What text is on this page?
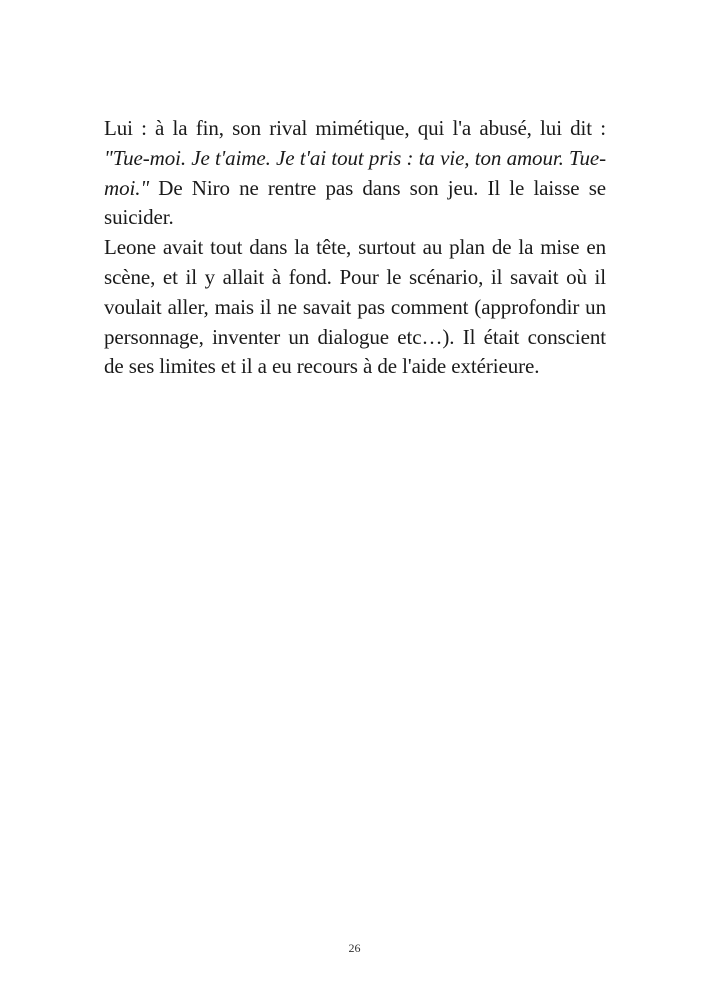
Lui : à la fin, son rival mimétique, qui l'a abusé, lui dit : "Tue-moi. Je t'aime. Je t'ai tout pris : ta vie, ton amour. Tue-moi." De Niro ne rentre pas dans son jeu. Il le laisse se suicider.

Leone avait tout dans la tête, surtout au plan de la mise en scène, et il y allait à fond. Pour le scénario, il savait où il voulait aller, mais il ne savait pas comment (approfondir un personnage, inventer un dialogue etc…). Il était conscient de ses limites et il a eu recours à de l'aide extérieure.

26
